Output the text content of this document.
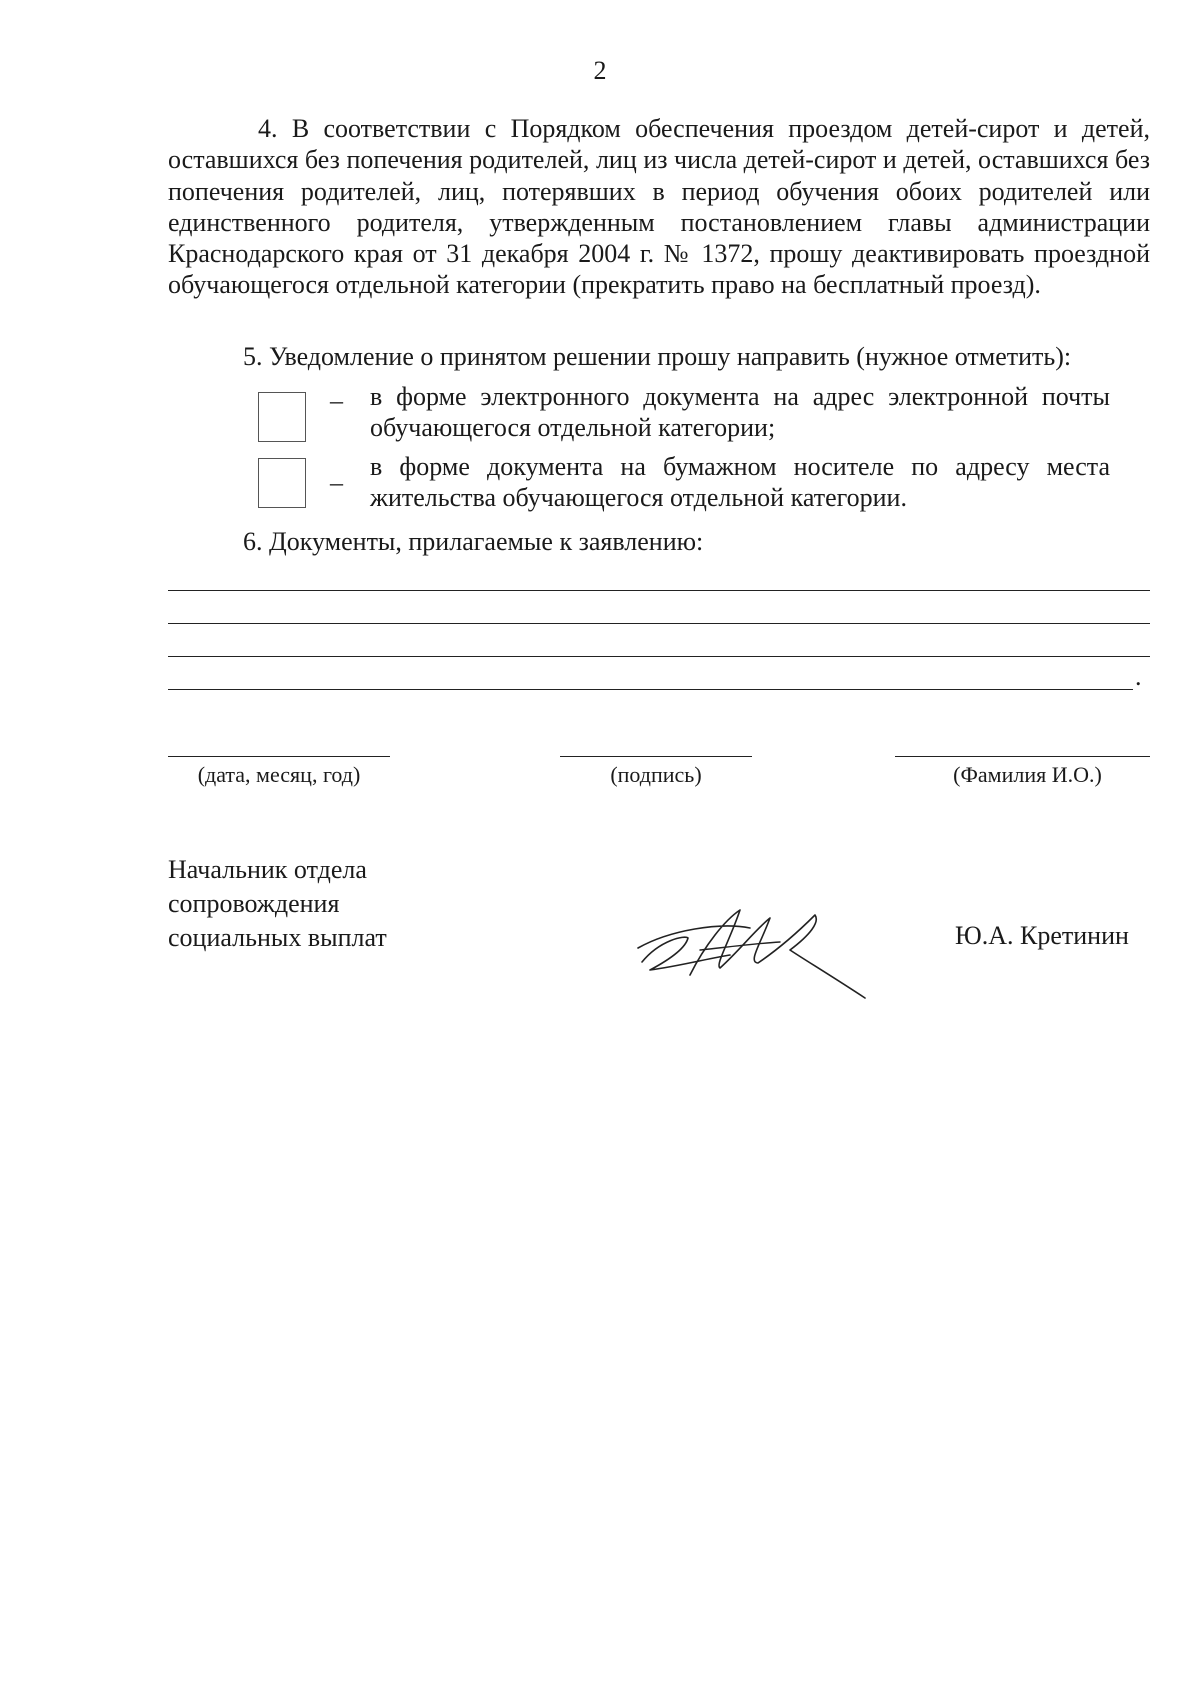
2

4. В соответствии с Порядком обеспечения проездом детей-сирот и детей, оставшихся без попечения родителей, лиц из числа детей-сирот и детей, оставшихся без попечения родителей, лиц, потерявших в период обучения обоих родителей или единственного родителя, утвержденным постановлением главы администрации Краснодарского края от 31 декабря 2004 г. № 1372, прошу деактивировать проездной обучающегося отдельной категории (прекратить право на бесплатный проезд).

5. Уведомление о принятом решении прошу направить (нужное отметить):
– в форме электронного документа на адрес электронной почты обучающегося отдельной категории;

–

в форме документа на бумажном носителе по адресу места жительства обучающегося отдельной категории.

6. Документы, прилагаемые к заявлению:
.
(дата, месяц, год)	(подпись)	(Фамилия И.О.)
Начальник отдела
сопровождения
социальных выплат	Ю.А. Кретинин
